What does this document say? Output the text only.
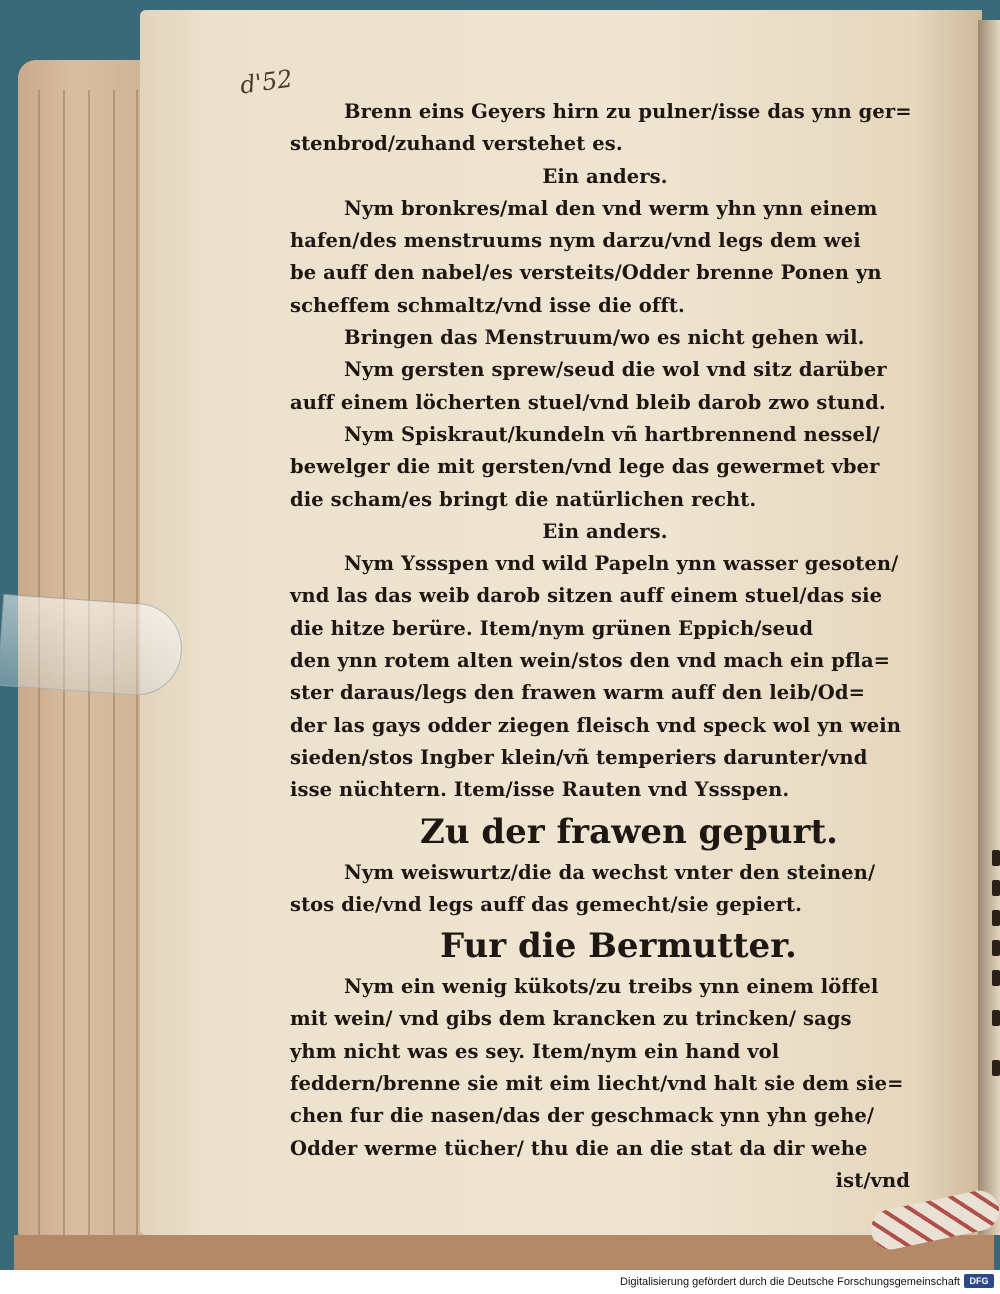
d'52
Brenn eins Geyers hirn zu pulner/isse das ynn ger=
stenbrod/zuhand verstehet es.
Ein anders.
Nym bronkres/mal den vnd werm yhn ynn einem
hafen/des menstruums nym darzu/vnd legs dem wei
be auff den nabel/es versteits/Odder brenne Ponen yn
scheffem schmaltz/vnd isse die offt.
Bringen das Menstruum/wo es nicht gehen wil.
Nym gersten sprew/seud die wol vnd sitz darüber
auff einem löcherten stuel/vnd bleib darob zwo stund.
Nym Spiskraut/kundeln vñ hartbrennend nessel/
bewelger die mit gersten/vnd lege das gewermet vber
die scham/es bringt die natürlichen recht.
Ein anders.
Nym Yssspen vnd wild Papeln ynn wasser gesoten/
vnd las das weib darob sitzen auff einem stuel/das sie
die hitze berüre. Item/nym grünen Eppich/seud
den ynn rotem alten wein/stos den vnd mach ein pfla=
ster daraus/legs den frawen warm auff den leib/Od=
der las gays odder ziegen fleisch vnd speck wol yn wein
sieden/stos Ingber klein/vñ temperiers darunter/vnd
isse nüchtern. Item/isse Rauten vnd Yssspen.
Zu der frawen gepurt.
Nym weiswurtz/die da wechst vnter den steinen/
stos die/vnd legs auff das gemecht/sie gepiert.
Fur die Bermutter.
Nym ein wenig kükots/zu treibs ynn einem löffel
mit wein/ vnd gibs dem krancken zu trincken/ sags
yhm nicht was es sey. Item/nym ein hand vol
feddern/brenne sie mit eim liecht/vnd halt sie dem sie=
chen fur die nasen/das der geschmack ynn yhn gehe/
Odder werme tücher/ thu die an die stat da dir wehe
ist/vnd
Digitalisierung gefördert durch die Deutsche Forschungsgemeinschaft	DFG
